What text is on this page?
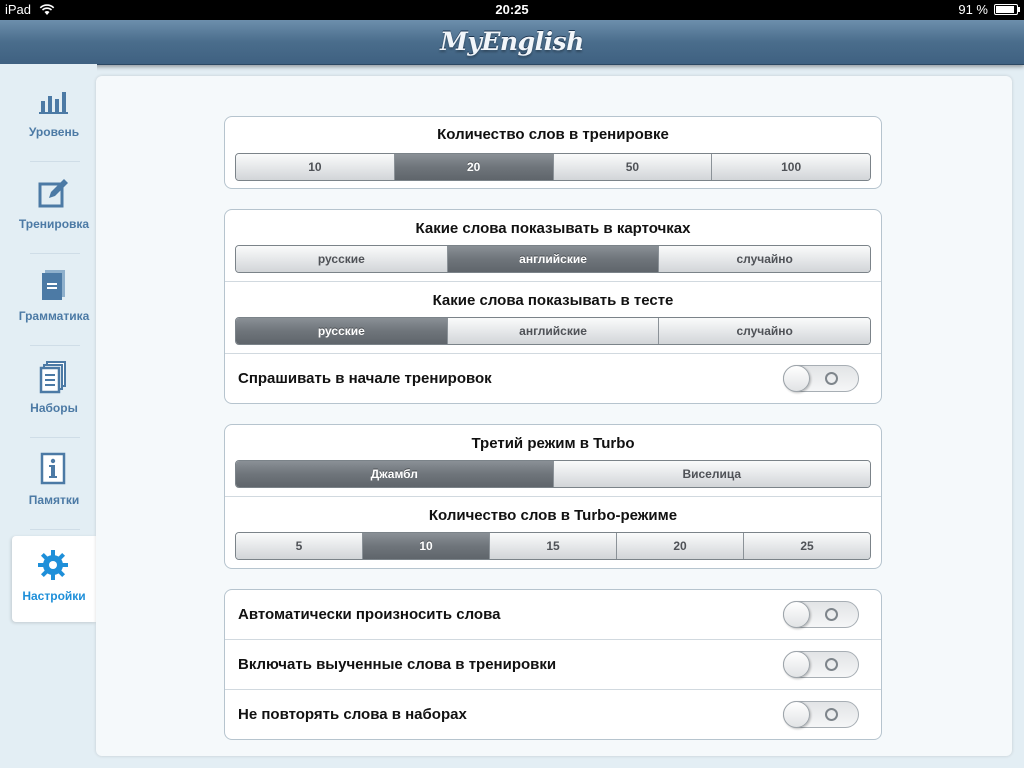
iPad	20:25	91 %
MyEnglish
Уровень
Тренировка
Грамматика
Наборы
Памятки
Настройки
Количество слов в тренировке
10	20	50	100
Какие слова показывать в карточках
русские	английские	случайно
Какие слова показывать в тесте
русские	английские	случайно
Спрашивать в начале тренировок
Третий режим в Turbo
Джамбл	Виселица
Количество слов в Turbo-режиме
5	10	15	20	25
Автоматически произносить слова
Включать выученные слова в тренировки
Не повторять слова в наборах
